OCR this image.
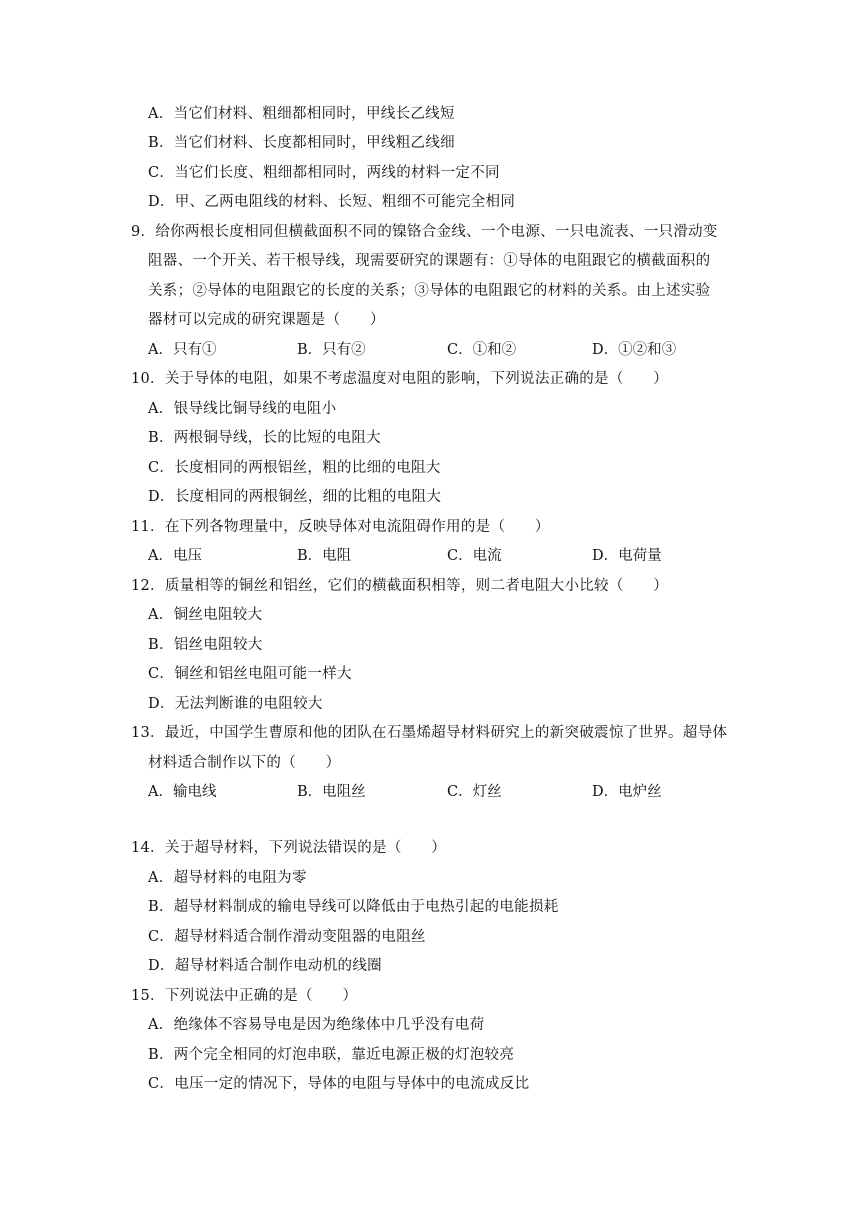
A．当它们材料、粗细都相同时，甲线长乙线短
B．当它们材料、长度都相同时，甲线粗乙线细
C．当它们长度、粗细都相同时，两线的材料一定不同
D．甲、乙两电阻线的材料、长短、粗细不可能完全相同
9．给你两根长度相同但横截面积不同的镍铬合金线、一个电源、一只电流表、一只滑动变
阻器、一个开关、若干根导线，现需要研究的课题有：①导体的电阻跟它的横截面积的
关系；②导体的电阻跟它的长度的关系；③导体的电阻跟它的材料的关系。由上述实验
器材可以完成的研究课题是（　　）
A．只有①	B．只有②	C．①和②	D．①②和③
10．关于导体的电阻，如果不考虑温度对电阻的影响，下列说法正确的是（　　）
A．银导线比铜导线的电阻小
B．两根铜导线，长的比短的电阻大
C．长度相同的两根铝丝，粗的比细的电阻大
D．长度相同的两根铜丝，细的比粗的电阻大
11．在下列各物理量中，反映导体对电流阻碍作用的是（　　）
A．电压	B．电阻	C．电流	D．电荷量
12．质量相等的铜丝和铝丝，它们的横截面积相等，则二者电阻大小比较（　　）
A．铜丝电阻较大
B．铝丝电阻较大
C．铜丝和铝丝电阻可能一样大
D．无法判断谁的电阻较大
13．最近，中国学生曹原和他的团队在石墨烯超导材料研究上的新突破震惊了世界。超导体
材料适合制作以下的（　　）
A．输电线	B．电阻丝	C．灯丝	D．电炉丝
14．关于超导材料，下列说法错误的是（　　）
A．超导材料的电阻为零
B．超导材料制成的输电导线可以降低由于电热引起的电能损耗
C．超导材料适合制作滑动变阻器的电阻丝
D．超导材料适合制作电动机的线圈
15．下列说法中正确的是（　　）
A．绝缘体不容易导电是因为绝缘体中几乎没有电荷
B．两个完全相同的灯泡串联，靠近电源正极的灯泡较亮
C．电压一定的情况下，导体的电阻与导体中的电流成反比
